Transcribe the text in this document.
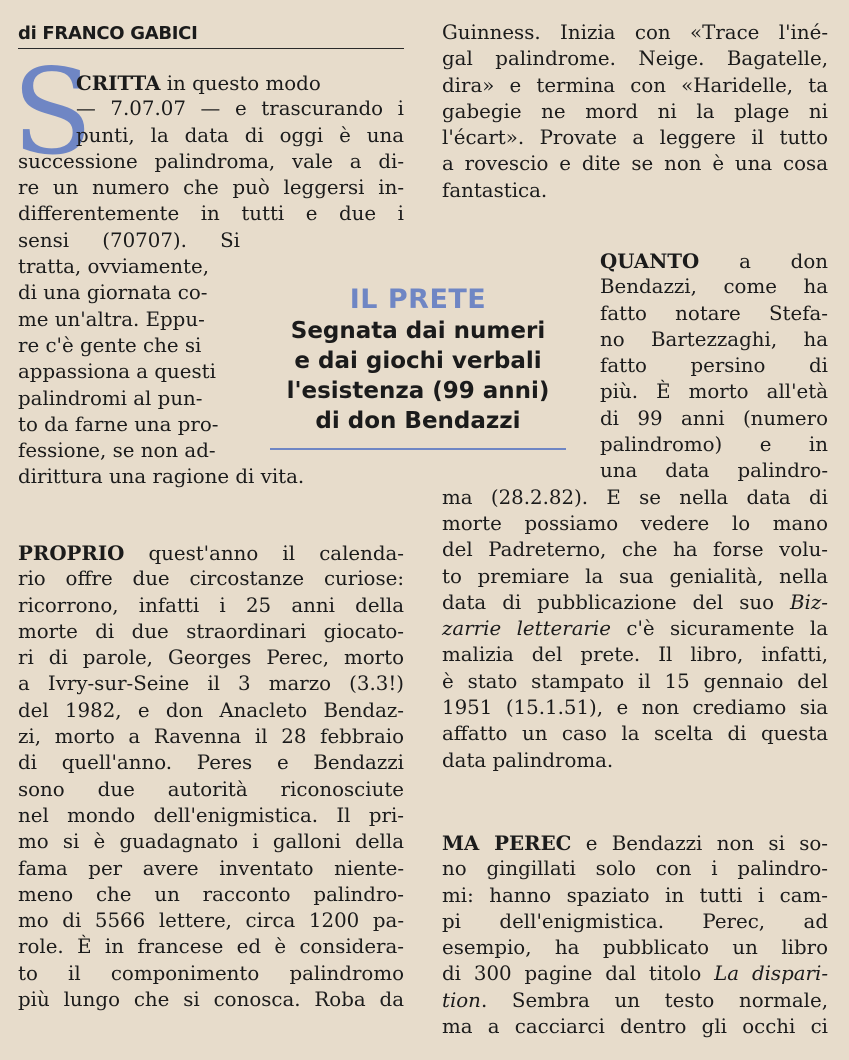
di FRANCO GABICI
S
CRITTA in questo modo
— 7.07.07 — e trascurando i
punti, la data di oggi è una
successione palindroma, vale a di-
re un numero che può leggersi in-
differentemente in tutti e due i
sensi (70707). Si
tratta, ovviamente,
di una giornata co-
me un'altra. Eppu-
re c'è gente che si
appassiona a questi
palindromi al pun-
to da farne una pro-
fessione, se non ad-
dirittura una ragione di vita.
IL PRETE
Segnata dai numeri
e dai giochi verbali
l'esistenza (99 anni)
di don Bendazzi
PROPRIO quest'anno il calenda-
rio offre due circostanze curiose:
ricorrono, infatti i 25 anni della
morte di due straordinari giocato-
ri di parole, Georges Perec, morto
a Ivry-sur-Seine il 3 marzo (3.3!)
del 1982, e don Anacleto Bendaz-
zi, morto a Ravenna il 28 febbraio
di quell'anno. Peres e Bendazzi
sono due autorità riconosciute
nel mondo dell'enigmistica. Il pri-
mo si è guadagnato i galloni della
fama per avere inventato niente-
meno che un racconto palindro-
mo di 5566 lettere, circa 1200 pa-
role. È in francese ed è considera-
to il componimento palindromo
più lungo che si conosca. Roba da
Guinness. Inizia con «Trace l'iné-
gal palindrome. Neige. Bagatelle,
dira» e termina con «Haridelle, ta
gabegie ne mord ni la plage ni
l'écart». Provate a leggere il tutto
a rovescio e dite se non è una cosa
fantastica.
QUANTO a don
Bendazzi, come ha
fatto notare Stefa-
no Bartezzaghi, ha
fatto persino di
più. È morto all'età
di 99 anni (numero
palindromo) e in
una data palindro-
ma (28.2.82). E se nella data di
morte possiamo vedere lo mano
del Padreterno, che ha forse volu-
to premiare la sua genialità, nella
data di pubblicazione del suo Biz-
zarrie letterarie c'è sicuramente la
malizia del prete. Il libro, infatti,
è stato stampato il 15 gennaio del
1951 (15.1.51), e non crediamo sia
affatto un caso la scelta di questa
data palindroma.
MA PEREC e Bendazzi non si so-
no gingillati solo con i palindro-
mi: hanno spaziato in tutti i cam-
pi dell'enigmistica. Perec, ad
esempio, ha pubblicato un libro
di 300 pagine dal titolo La dispari-
tion. Sembra un testo normale,
ma a cacciarci dentro gli occhi ci
